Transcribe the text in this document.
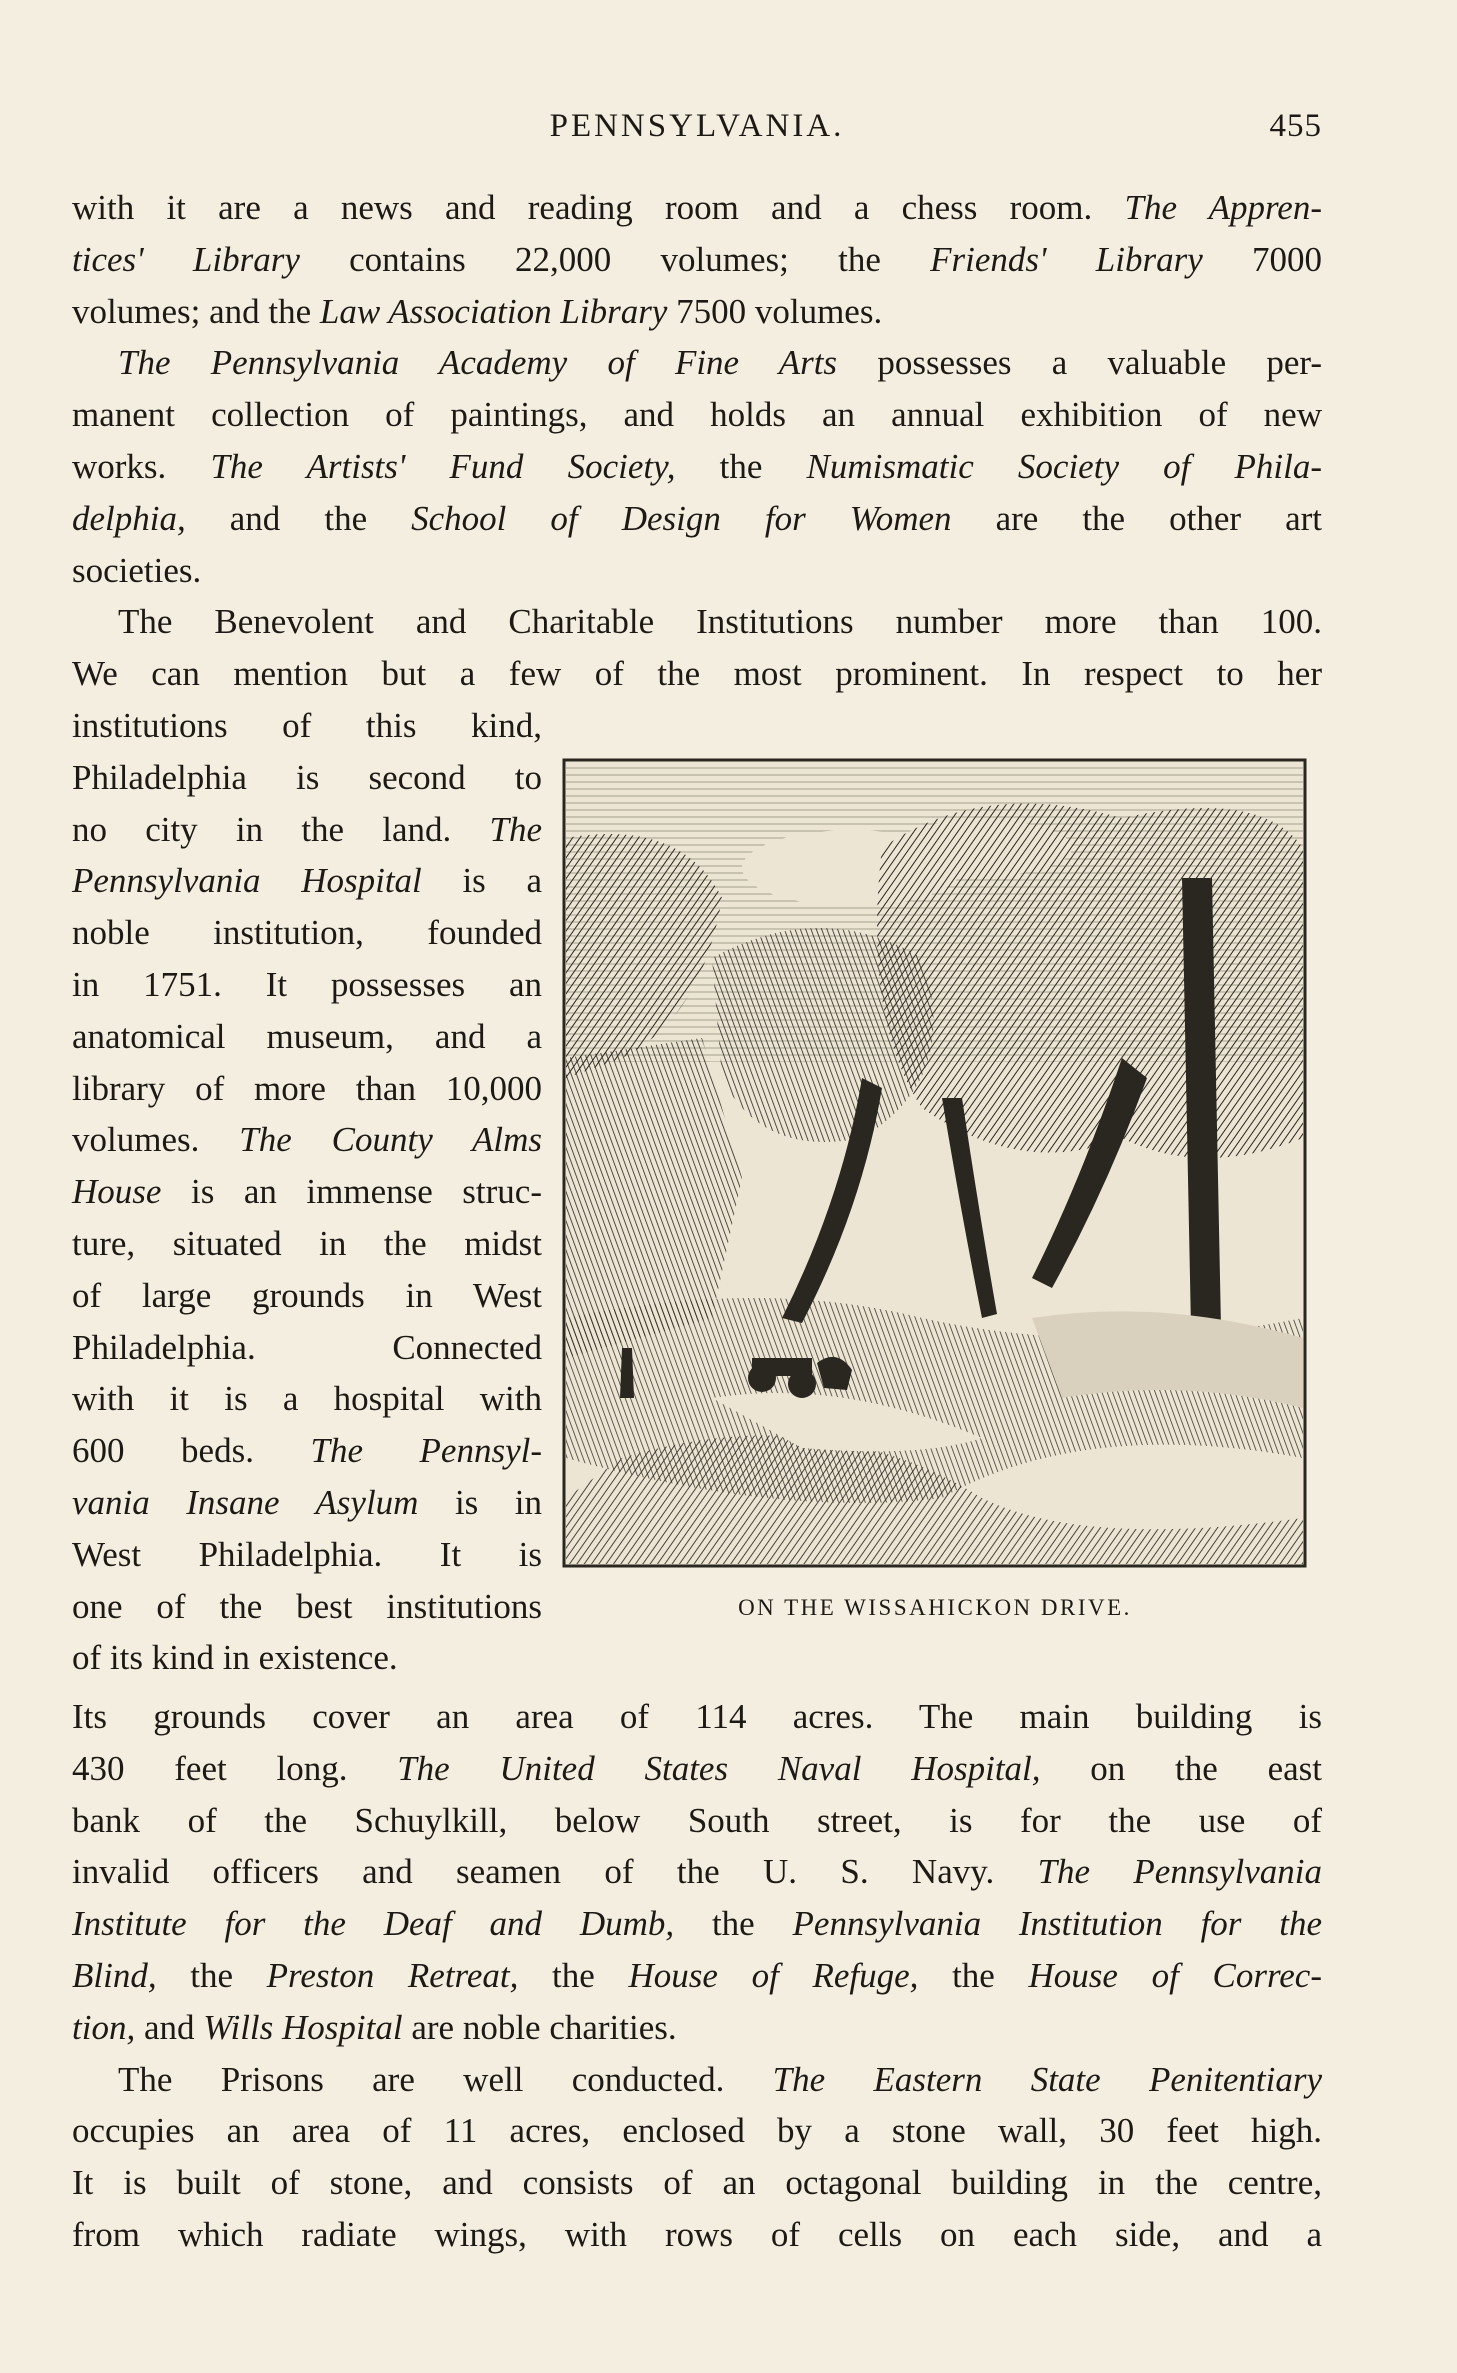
PENNSYLVANIA.	455
with it are a news and reading room and a chess room. The Appren-
tices' Library contains 22,000 volumes; the Friends' Library 7000
volumes; and the Law Association Library 7500 volumes.
The Pennsylvania Academy of Fine Arts possesses a valuable per-
manent collection of paintings, and holds an annual exhibition of new
works. The Artists' Fund Society, the Numismatic Society of Phila-
delphia, and the School of Design for Women are the other art
societies.
The Benevolent and Charitable Institutions number more than 100.
We can mention but a few of the most prominent. In respect to her
institutions of this kind,
Philadelphia is second to
no city in the land. The
Pennsylvania Hospital is a
noble institution, founded
in 1751. It possesses an
anatomical museum, and a
library of more than 10,000
volumes. The County Alms
House is an immense struc-
ture, situated in the midst
of large grounds in West
Philadelphia. Connected
with it is a hospital with
600 beds. The Pennsyl-
vania Insane Asylum is in
West Philadelphia. It is
one of the best institutions
of its kind in existence.
ON THE WISSAHICKON DRIVE.
Its grounds cover an area of 114 acres. The main building is
430 feet long. The United States Naval Hospital, on the east
bank of the Schuylkill, below South street, is for the use of
invalid officers and seamen of the U. S. Navy. The Pennsylvania
Institute for the Deaf and Dumb, the Pennsylvania Institution for the
Blind, the Preston Retreat, the House of Refuge, the House of Correc-
tion, and Wills Hospital are noble charities.
The Prisons are well conducted. The Eastern State Penitentiary
occupies an area of 11 acres, enclosed by a stone wall, 30 feet high.
It is built of stone, and consists of an octagonal building in the centre,
from which radiate wings, with rows of cells on each side, and a
